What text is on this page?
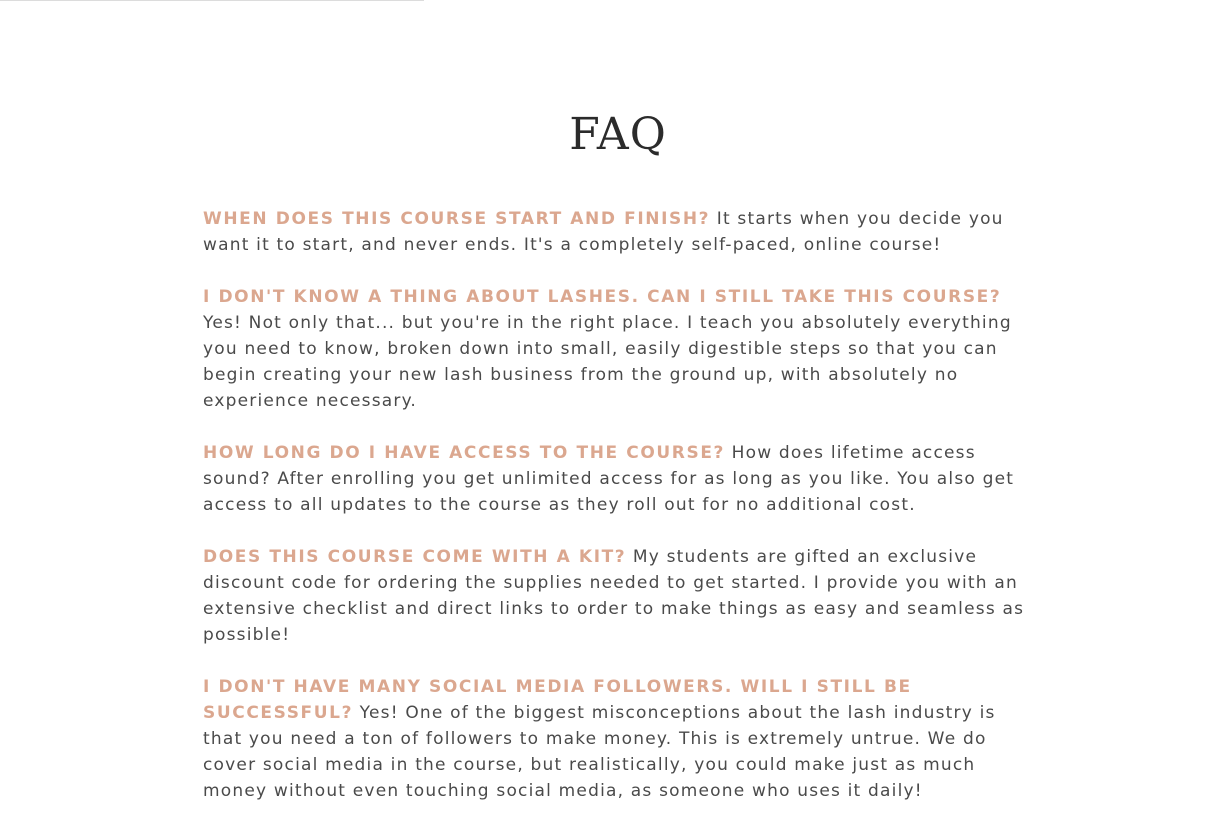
FAQ

WHEN DOES THIS COURSE START AND FINISH? It starts when you decide you want it to start, and never ends. It's a completely self-paced, online course!

I DON'T KNOW A THING ABOUT LASHES. CAN I STILL TAKE THIS COURSE? Yes! Not only that... but you're in the right place. I teach you absolutely everything you need to know, broken down into small, easily digestible steps so that you can begin creating your new lash business from the ground up, with absolutely no experience necessary.

HOW LONG DO I HAVE ACCESS TO THE COURSE? How does lifetime access sound? After enrolling you get unlimited access for as long as you like. You also get access to all updates to the course as they roll out for no additional cost.

DOES THIS COURSE COME WITH A KIT? My students are gifted an exclusive discount code for ordering the supplies needed to get started. I provide you with an extensive checklist and direct links to order to make things as easy and seamless as possible!

I DON'T HAVE MANY SOCIAL MEDIA FOLLOWERS. WILL I STILL BE SUCCESSFUL? Yes! One of the biggest misconceptions about the lash industry is that you need a ton of followers to make money. This is extremely untrue. We do cover social media in the course, but realistically, you could make just as much money without even touching social media, as someone who uses it daily!
